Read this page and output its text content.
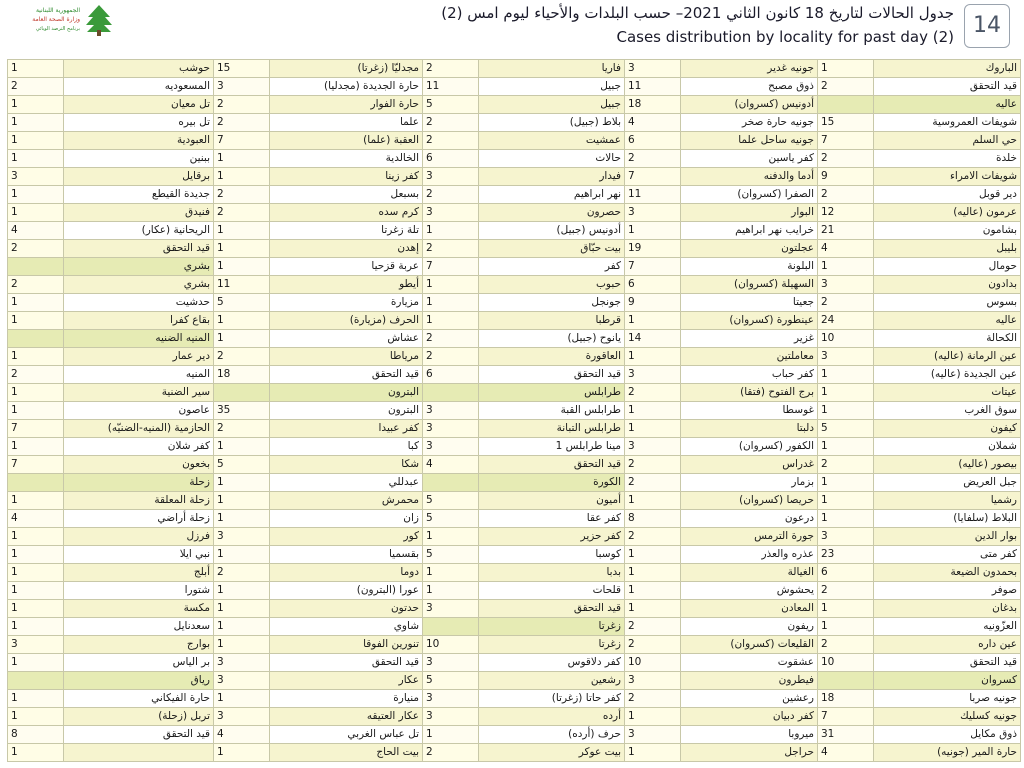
الجمهورية اللبنانية
وزارة الصحة العامة
برنامج الترصد الوبائي
جدول الحالات لتاريخ 18 كانون الثاني 2021– حسب البلدات والأحياء ليوم امس (2)
Cases distribution by locality for past day (2) 14
1	حوشب	15	مجدليّا (زغرتا)	2	فاريا	3	جونيه غدير	1	الباروك
2	المسعوديه	3	حارة الجديدة (مجدليا)	11	جبيل	11	ذوق مصبح	2	قيد التحقق
1	تل معيان	2	حارة الفوار	5	جبيل	18	أدونيس (كسروان)		عاليه
1	تل بيره	2	علما	2	بلاط (جبيل)	4	جونيه حارة صخر	15	شويفات العمروسية
1	العبودية	7	العقبة (علما)	2	عمشيت	6	جونيه ساحل علما	7	حي السلم
1	ببنين	1	الخالدية	6	حالات	2	كفر ياسين	2	خلدة
3	برقايل	1	كفر زينا	3	فيدار	7	أدما والدفنه	9	شويفات الامراء
1	جديدة القيطع	2	بسبعل	2	نهر ابراهيم	11	الصفرا (كسروان)	2	دير قوبل
1	فنيدق	2	كرم سده	3	حصرون	3	البوار	12	عرمون (عاليه)
4	الريحانية (عكار)	1	تلة زغرتا	1	أدونيس (جبيل)	1	خرايب نهر ابراهيم	21	بشامون
2	قيد التحقق	1	إهدن	2	بيت حبّاق	19	عجلتون	4	بليبل
	بشري	1	عربة قزحيا	7	كفر	7	البلونة	1	حومال
2	بشري	11	أيطو	1	حبوب	6	السهيلة (كسروان)	3	بدادون
1	حدشيت	5	مزيارة	1	جونجل	9	جعيتا	2	بسوس
1	بقاع كفرا	1	الحرف (مزيارة)	1	قرطبا	1	عينطورة (كسروان)	24	عاليه
	المنيه الضنيه	1	عشاش	2	يانوح (جبيل)	14	غزير	10	الكحالة
1	دير عمار	2	مرياطا	2	العاقورة	1	معاملتين	3	عين الرمانة (عاليه)
2	المنيه	18	قيد التحقق	6	قيد التحقق	3	كفر حباب	1	عين الجديدة (عاليه)
1	سير الضنية		البترون		طرابلس	2	برج الفتوح (فتقا)	1	عيتات
1	عاصون	35	البترون	3	طرابلس القبة	1	غوسطا	1	سوق الغرب
7	الحازمية (المنيه-الضنيّه)	2	كفر عبيدا	3	طرابلس التبانة	1	دلبتا	5	كيفون
1	كفر شلان	1	كبا	3	مينا طرابلس 1	3	الكفور (كسروان)	1	شملان
7	بخعون	5	شكا	4	قيد التحقق	2	غدراس	2	بيصور (عاليه)
	زحلة	1	عبدللي		الكورة	2	بزمار	1	جبل العريض
1	زحلة المعلقة	1	محمرش	5	أميون	1	حريصا (كسروان)	1	رشميا
4	زحلة أراضي	1	زان	5	كفر عقا	8	درعون	1	البلاط (سلفايا)
1	فرزل	3	كور	1	كفر حزير	2	جورة الترمس	3	بوار الدين
1	نبي ايلا	1	بقسميا	5	كوسبا	1	عذره والعذر	23	كفر متى
1	أبلج	2	دوما	1	بدبا	1	الغيالة	6	بحمدون الضيعة
1	شتورا	1	عورا (البترون)	1	قلحات	1	يحشوش	2	صوفر
1	مكسة	1	حدتون	3	قيد التحقق	1	المعادن	1	بدغان
1	سعدنايل	1	شاوي		زغرتا	2	ريفون	1	العزّونيه
3	بوارج	1	تنورين الفوقا	10	زغرتا	2	القليعات (كسروان)	2	عين داره
1	بر الياس	3	قيد التحقق	3	كفر دلاقوس	10	عشقوت	10	قيد التحقق
	رياق	3	عكار	5	رشعين	3	فيطرون		كسروان
1	حارة الفيكاني	1	منيارة	3	كفر حاتا (زغرتا)	2	رعشين	18	جونيه صربا
1	تربل (زحلة)	3	عكار العتيقه	3	أرده	1	كفر دبيان	7	جونيه كسليك
8	قيد التحقق	4	تل عباس الغربي	1	حرف (أرده)	3	ميروبا	31	ذوق مكايل
1		1	بيت الحاج	2	بيت عوكر	1	حراجل	4	حارة المير (جونيه)
